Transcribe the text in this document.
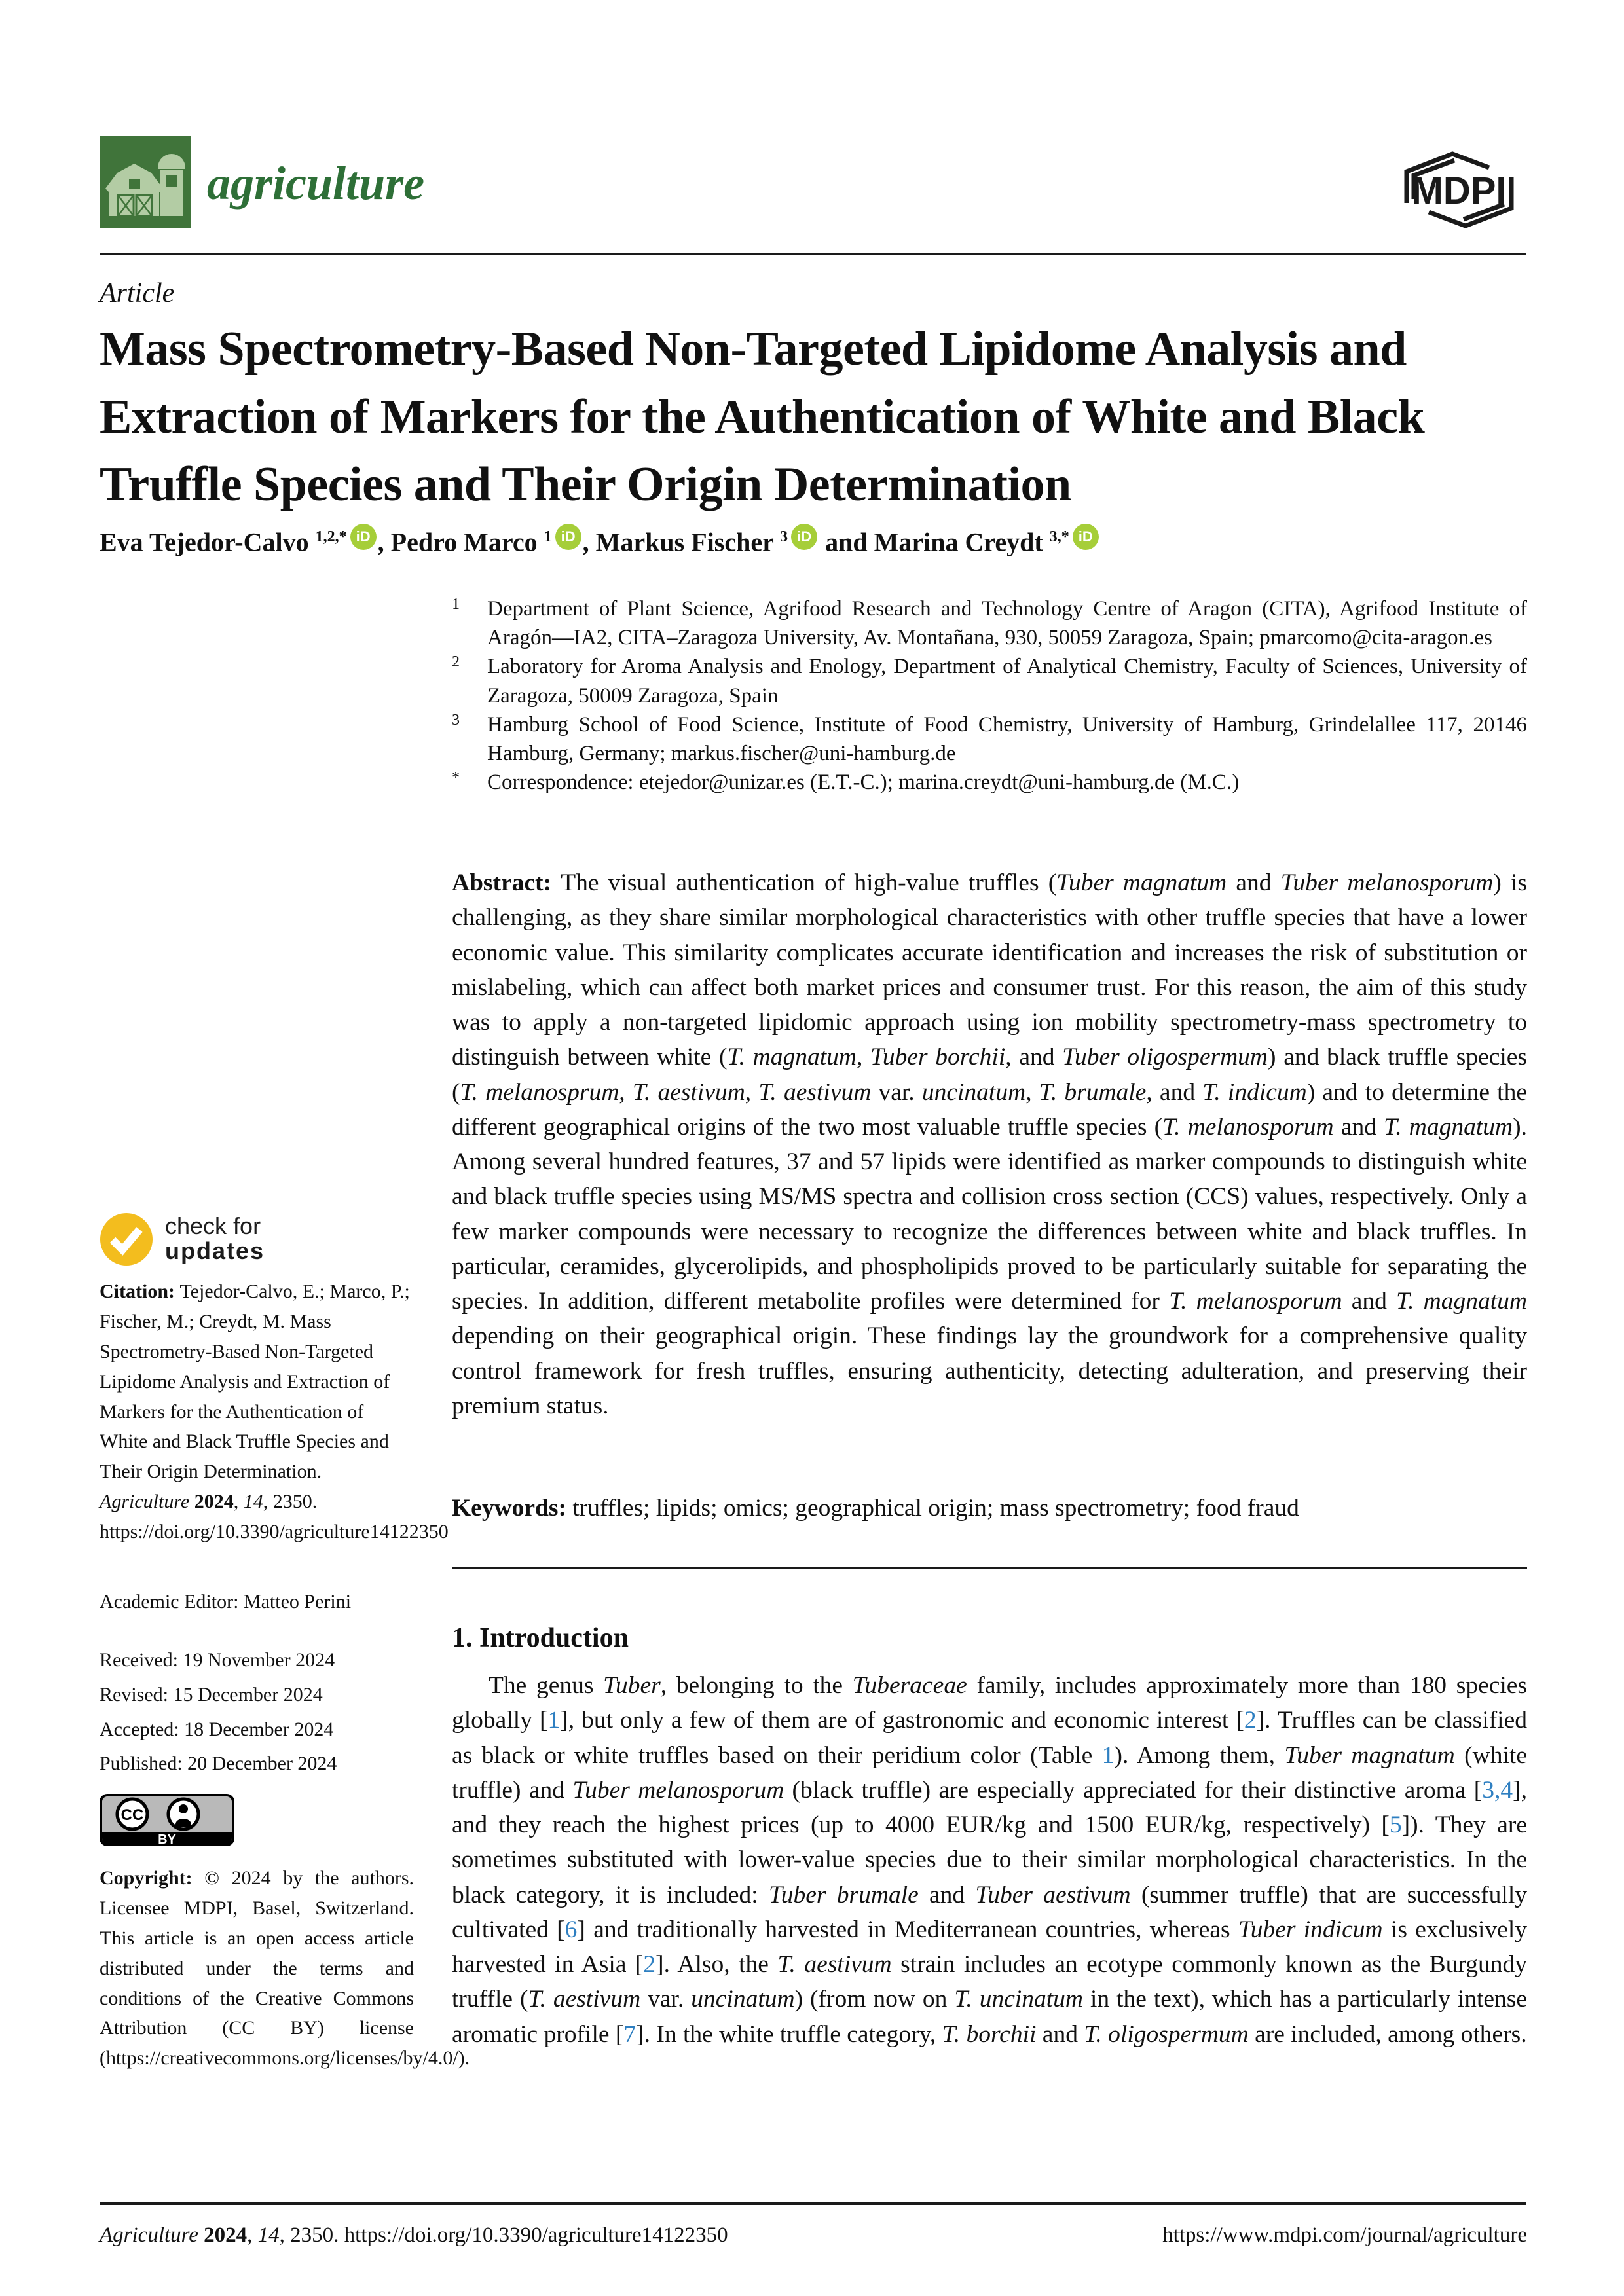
agriculture	MDPI
Article
Mass Spectrometry-Based Non-Targeted Lipidome Analysis and
Extraction of Markers for the Authentication of White and Black
Truffle Species and Their Origin Determination
Eva Tejedor-Calvo $^{1,2,*}$ iD , Pedro Marco $^1$ iD , Markus Fischer $^3$ iD and Marina Creydt $^{3,*}$ iD
1	Department of Plant Science, Agrifood Research and Technology Centre of Aragon (CITA), Agrifood Institute of Aragón—IA2, CITA–Zaragoza University, Av. Montañana, 930, 50059 Zaragoza, Spain; pmarcomo@cita-aragon.es
2	Laboratory for Aroma Analysis and Enology, Department of Analytical Chemistry, Faculty of Sciences, University of Zaragoza, 50009 Zaragoza, Spain
3	Hamburg School of Food Science, Institute of Food Chemistry, University of Hamburg, Grindelallee 117, 20146 Hamburg, Germany; markus.fischer@uni-hamburg.de
*	Correspondence: etejedor@unizar.es (E.T.-C.); marina.creydt@uni-hamburg.de (M.C.)
Abstract: The visual authentication of high-value truffles (Tuber magnatum and Tuber melanosporum) is challenging, as they share similar morphological characteristics with other truffle species that have a lower economic value. This similarity complicates accurate identification and increases the risk of substitution or mislabeling, which can affect both market prices and consumer trust. For this reason, the aim of this study was to apply a non-targeted lipidomic approach using ion mobility spectrometry-mass spectrometry to distinguish between white (T. magnatum, Tuber borchii, and Tuber oligospermum) and black truffle species (T. melanosprum, T. aestivum, T. aestivum var. uncinatum, T. brumale, and T. indicum) and to determine the different geographical origins of the two most valuable truffle species (T. melanosporum and T. magnatum). Among several hundred features, 37 and 57 lipids were identified as marker compounds to distinguish white and black truffle species using MS/MS spectra and collision cross section (CCS) values, respectively. Only a few marker compounds were necessary to recognize the differences between white and black truffles. In particular, ceramides, glycerolipids, and phospholipids proved to be particularly suitable for separating the species. In addition, different metabolite profiles were determined for T. melanosporum and T. magnatum depending on their geographical origin. These findings lay the groundwork for a comprehensive quality control framework for fresh truffles, ensuring authenticity, detecting adulteration, and preserving their premium status.
Keywords: truffles; lipids; omics; geographical origin; mass spectrometry; food fraud
1. Introduction
The genus Tuber, belonging to the Tuberaceae family, includes approximately more than 180 species globally [1], but only a few of them are of gastronomic and economic interest [2]. Truffles can be classified as black or white truffles based on their peridium color (Table 1). Among them, Tuber magnatum (white truffle) and Tuber melanosporum (black truffle) are especially appreciated for their distinctive aroma [3,4], and they reach the highest prices (up to 4000 EUR/kg and 1500 EUR/kg, respectively) [5]). They are sometimes substituted with lower-value species due to their similar morphological characteristics. In the black category, it is included: Tuber brumale and Tuber aestivum (summer truffle) that are successfully cultivated [6] and traditionally harvested in Mediterranean countries, whereas Tuber indicum is exclusively harvested in Asia [2]. Also, the T. aestivum strain includes an ecotype commonly known as the Burgundy truffle (T. aestivum var. uncinatum) (from now on T. uncinatum in the text), which has a particularly intense aromatic profile [7]. In the white truffle category, T. borchii and T. oligospermum are included, among others.
check for
updates
Citation: Tejedor-Calvo, E.; Marco, P.; Fischer, M.; Creydt, M. Mass Spectrometry-Based Non-Targeted Lipidome Analysis and Extraction of Markers for the Authentication of White and Black Truffle Species and Their Origin Determination. Agriculture 2024, 14, 2350. https://doi.org/10.3390/agriculture14122350
Academic Editor: Matteo Perini
Received: 19 November 2024
Revised: 15 December 2024
Accepted: 18 December 2024
Published: 20 December 2024
CC
BY
Copyright: © 2024 by the authors. Licensee MDPI, Basel, Switzerland. This article is an open access article distributed under the terms and conditions of the Creative Commons Attribution (CC BY) license (https://creativecommons.org/licenses/by/4.0/).
Agriculture 2024, 14, 2350. https://doi.org/10.3390/agriculture14122350	https://www.mdpi.com/journal/agriculture
